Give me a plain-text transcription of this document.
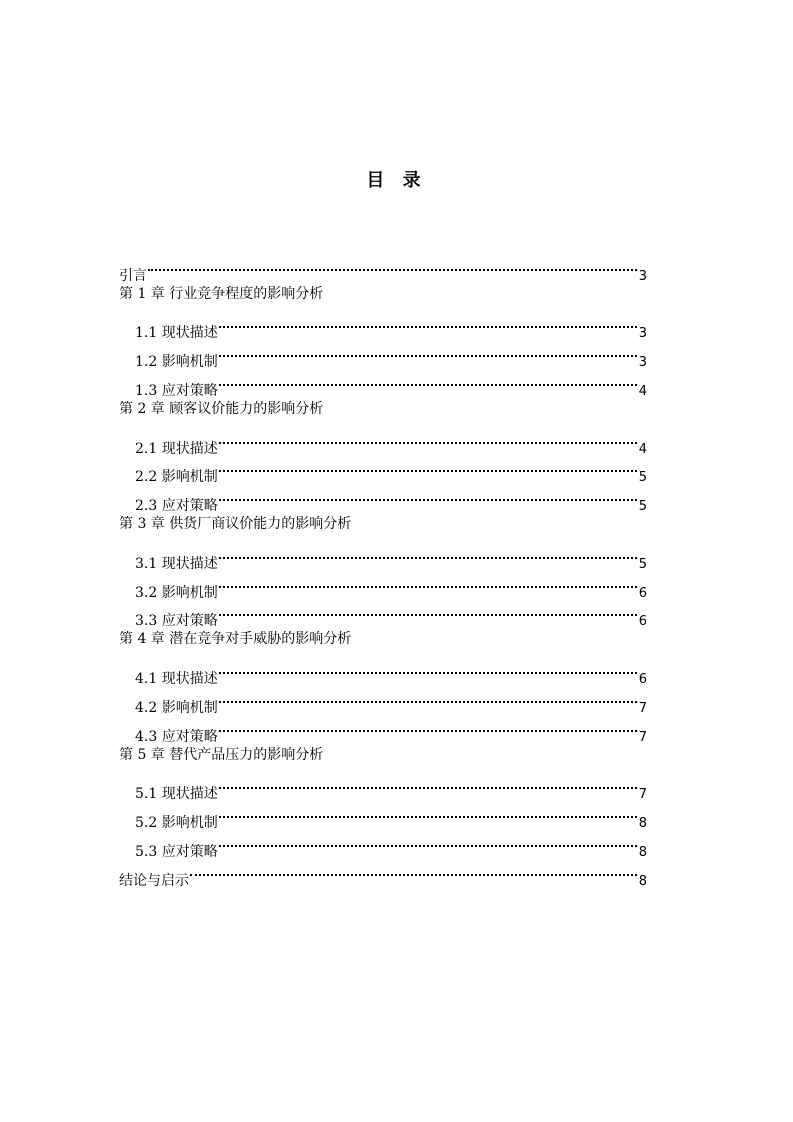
目 录
引言	3
第 1 章 行业竞争程度的影响分析
1.1 现状描述	3
1.2 影响机制	3
1.3 应对策略	4
第 2 章 顾客议价能力的影响分析
2.1 现状描述	4
2.2 影响机制	5
2.3 应对策略	5
第 3 章 供货厂商议价能力的影响分析
3.1 现状描述	5
3.2 影响机制	6
3.3 应对策略	6
第 4 章 潜在竞争对手威胁的影响分析
4.1 现状描述	6
4.2 影响机制	7
4.3 应对策略	7
第 5 章 替代产品压力的影响分析
5.1 现状描述	7
5.2 影响机制	8
5.3 应对策略	8
结论与启示	8
